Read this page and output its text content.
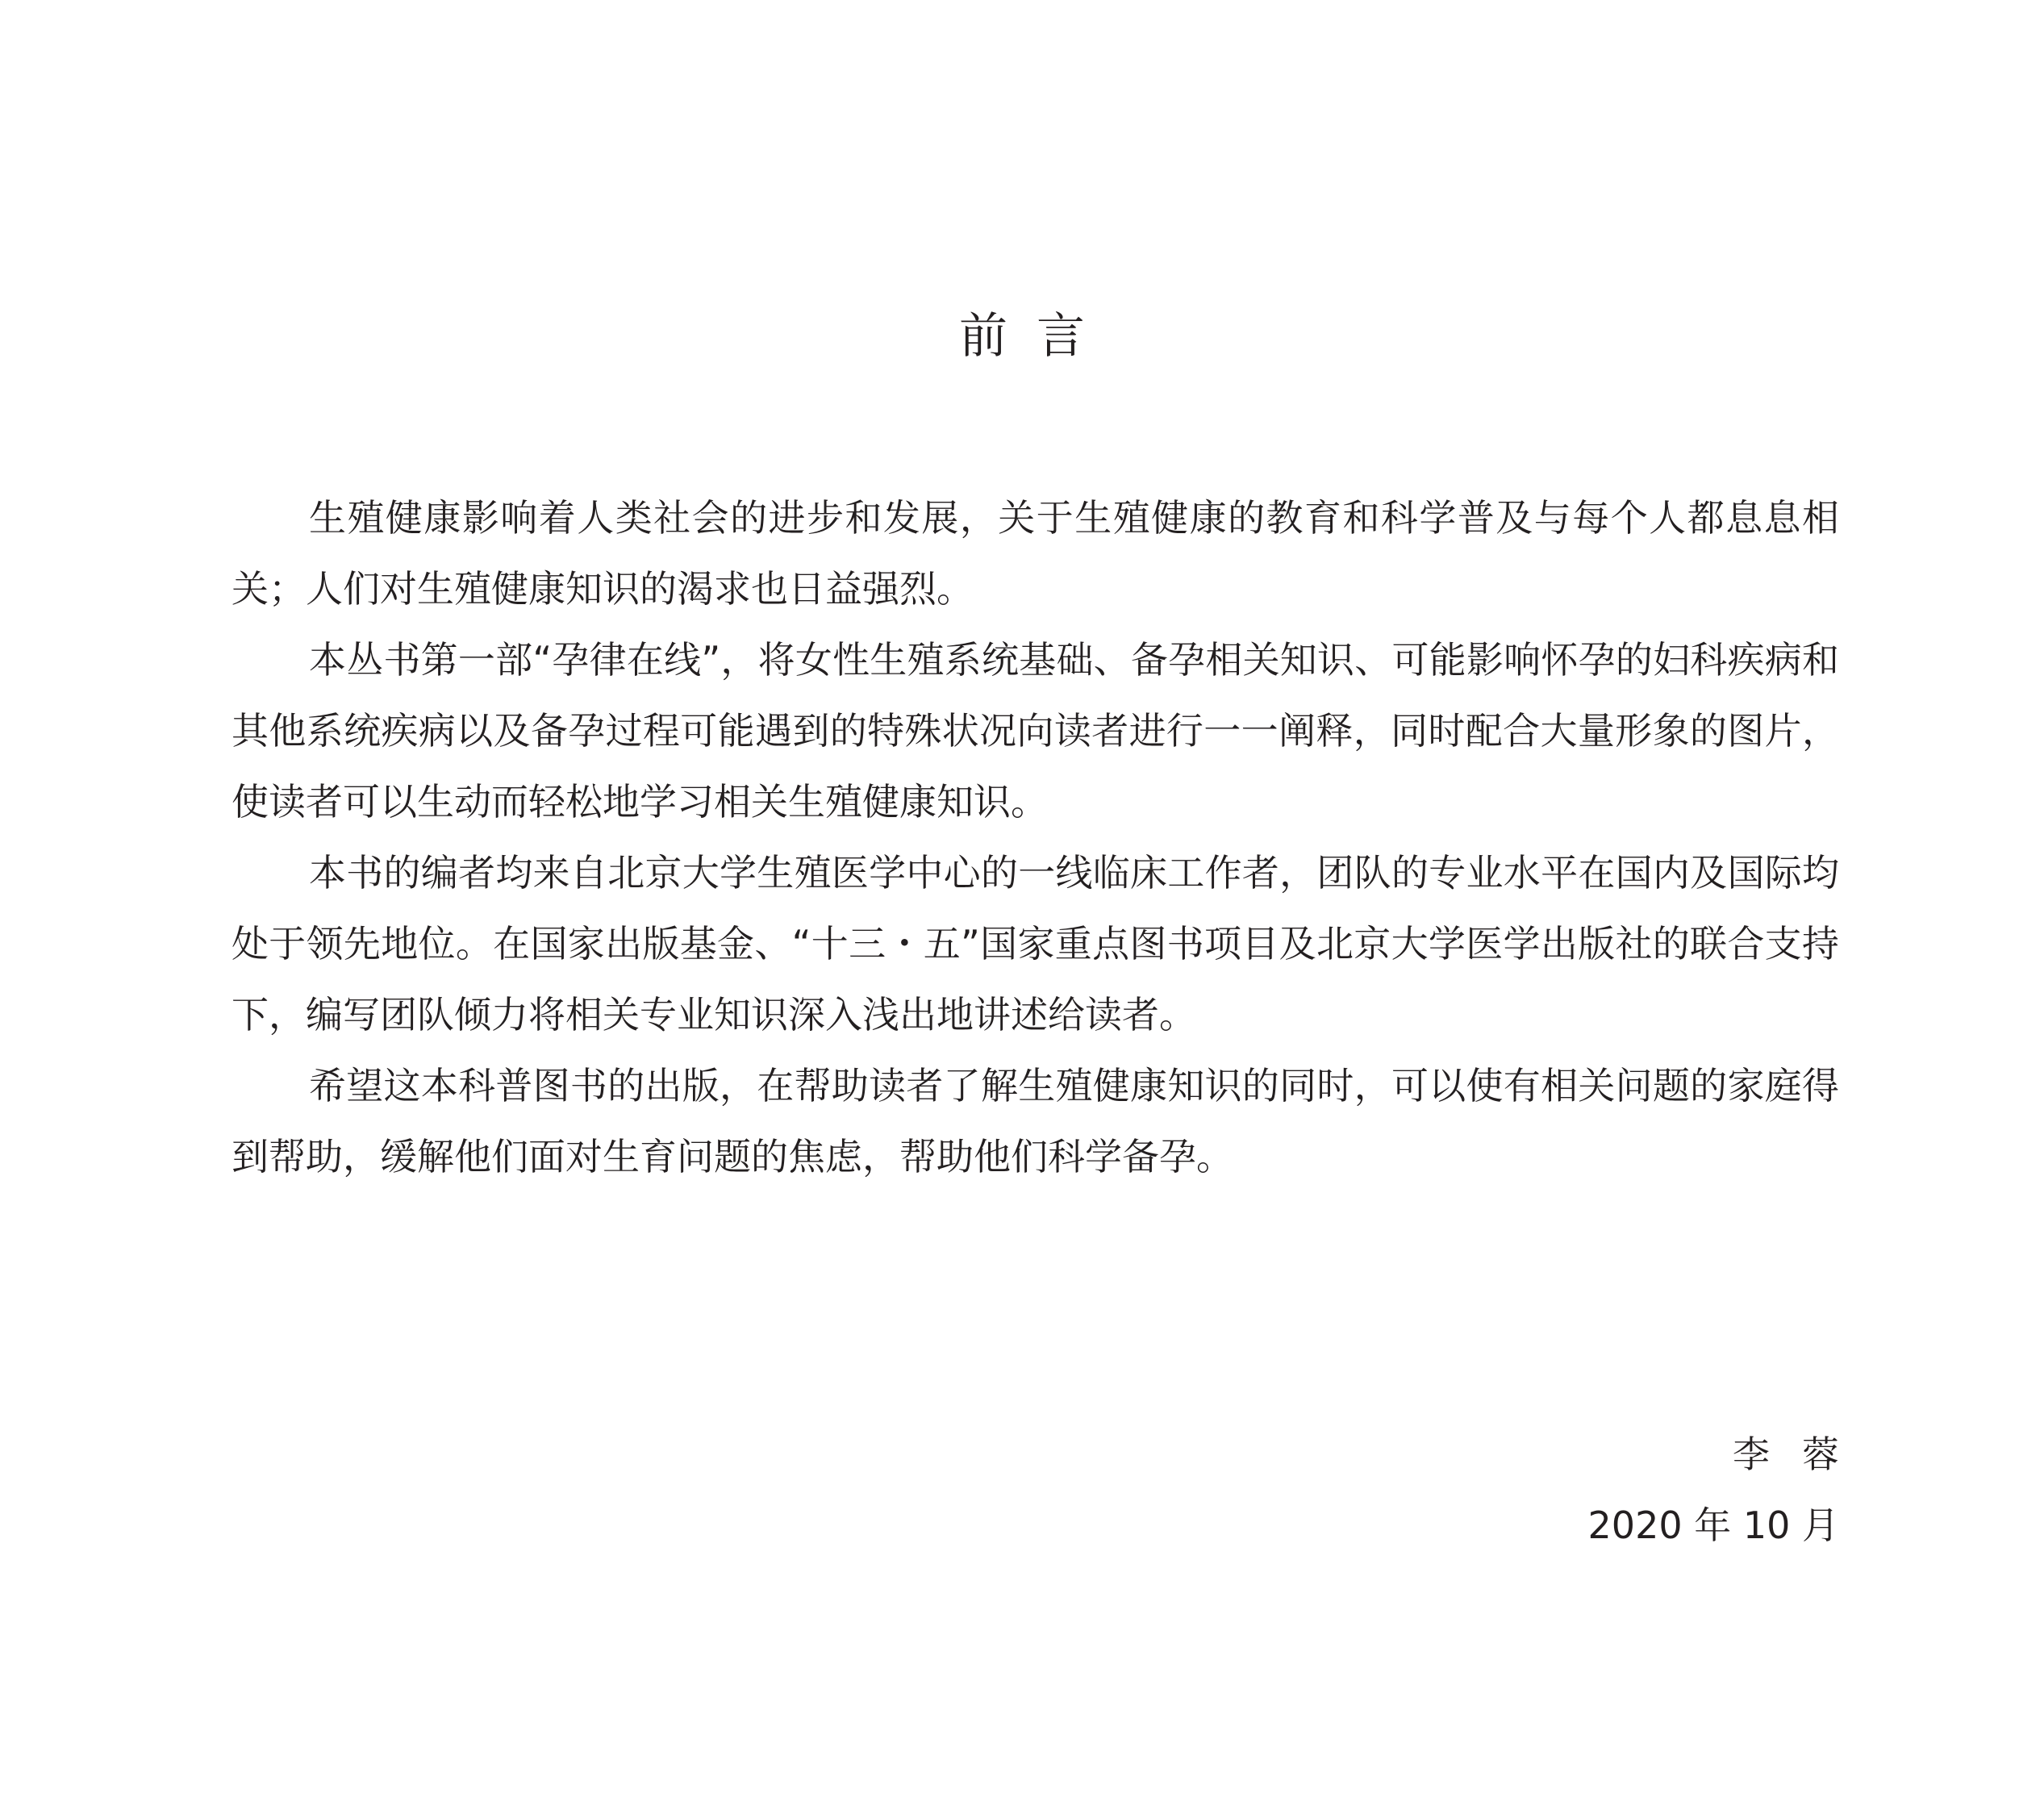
前言

生殖健康影响着人类社会的进步和发展，关于生殖健康的教育和科学普及与每个人都息息相关；人们对生殖健康知识的渴求也日益强烈。

本丛书第一部“孕律在线”，将女性生殖系统基础、备孕相关知识、可能影响怀孕的妇科疾病和其他系统疾病以及备孕过程可能遇到的特殊状况向读者进行一一阐释，同时配合大量形象的图片，使读者可以生动而轻松地学习相关生殖健康知识。

本书的编者均来自北京大学生殖医学中心的一线临床工作者，团队的专业水平在国内及国际均处于领先地位。在国家出版基金、“十三・五”国家重点图书项目及北京大学医学出版社的联合支持下，编写团队倾力将相关专业知识深入浅出地讲述给读者。

希望这本科普图书的出版，在帮助读者了解生殖健康知识的同时，可以使有相关问题的家庭得到帮助，缓解他们面对生育问题的焦虑，帮助他们科学备孕。

李蓉
2020 年 10 月
